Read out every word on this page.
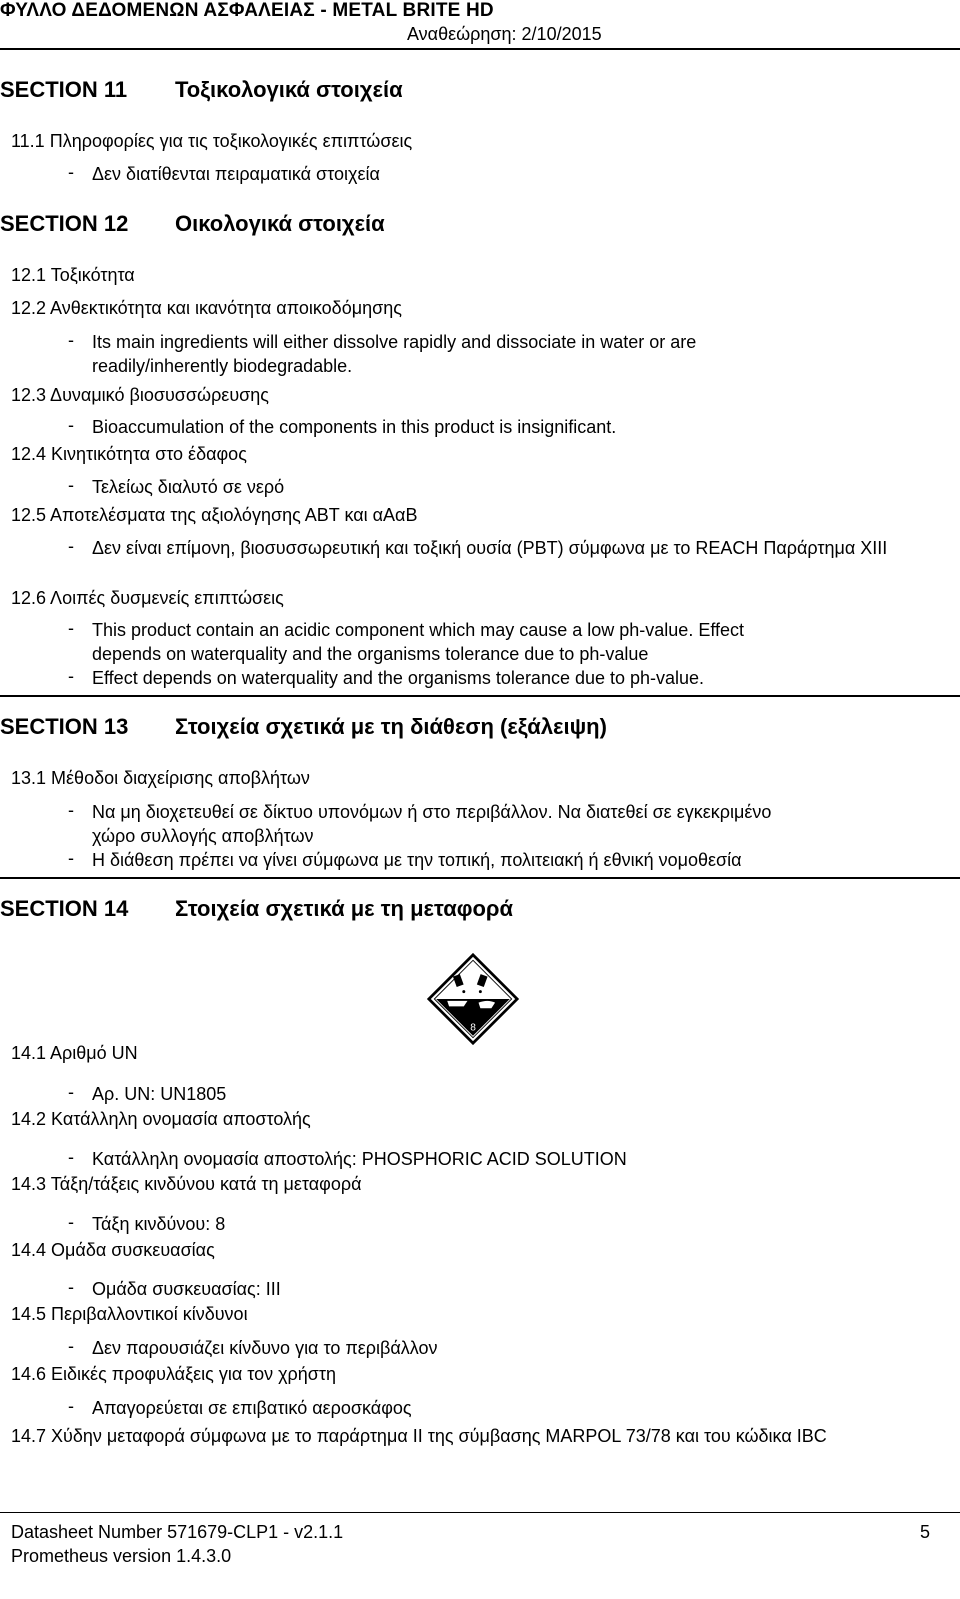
ΦΥΛΛΟ ΔΕΔΟΜΕΝΩΝ ΑΣΦΑΛΕΙΑΣ - METAL BRITE HD
Αναθεώρηση: 2/10/2015
SECTION 11 Τοξικολογικά στοιχεία
11.1 Πληροφορίες για τις τοξικολογικές επιπτώσεις
- Δεν διατίθενται πειραματικά στοιχεία
SECTION 12 Οικολογικά στοιχεία
12.1 Τοξικότητα
12.2 Ανθεκτικότητα και ικανότητα αποικοδόμησης
- Its main ingredients will either dissolve rapidly and dissociate in water or are readily/inherently biodegradable.
12.3 Δυναμικό βιοσυσσώρευσης
- Bioaccumulation of the components in this product is insignificant.
12.4 Κινητικότητα στο έδαφος
- Τελείως διαλυτό σε νερό
12.5 Αποτελέσματα της αξιολόγησης ΑΒΤ και αΑαΒ
- Δεν είναι επίμονη, βιοσυσσωρευτική και τοξική ουσία (PBT) σύμφωνα με το REACH Παράρτημα XIII
12.6 Λοιπές δυσμενείς επιπτώσεις
- This product contain an acidic component which may cause a low ph-value. Effect depends on waterquality and the organisms tolerance due to ph-value
- Effect depends on waterquality and the organisms tolerance due to ph-value.
SECTION 13 Στοιχεία σχετικά με τη διάθεση (εξάλειψη)
13.1 Μέθοδοι διαχείρισης αποβλήτων
- Να μη διοχετευθεί σε δίκτυο υπονόμων ή στο περιβάλλον. Να διατεθεί σε εγκεκριμένο χώρο συλλογής αποβλήτων
- Η διάθεση πρέπει να γίνει σύμφωνα με την τοπική, πολιτειακή ή εθνική νομοθεσία
SECTION 14 Στοιχεία σχετικά με τη μεταφορά
8
14.1 Αριθμό UN
- Αρ. UN: UN1805
14.2 Κατάλληλη ονομασία αποστολής
- Κατάλληλη ονομασία αποστολής: PHOSPHORIC ACID SOLUTION
14.3 Τάξη/τάξεις κινδύνου κατά τη μεταφορά
- Τάξη κινδύνου: 8
14.4 Ομάδα συσκευασίας
- Ομάδα συσκευασίας: III
14.5 Περιβαλλοντικοί κίνδυνοι
- Δεν παρουσιάζει κίνδυνο για το περιβάλλον
14.6 Ειδικές προφυλάξεις για τον χρήστη
- Απαγορεύεται σε επιβατικό αεροσκάφος
14.7 Χύδην μεταφορά σύμφωνα με το παράρτημα II της σύμβασης MARPOL 73/78 και του κώδικα IBC
Datasheet Number 571679-CLP1 - v2.1.1
Prometheus version 1.4.3.0
5
